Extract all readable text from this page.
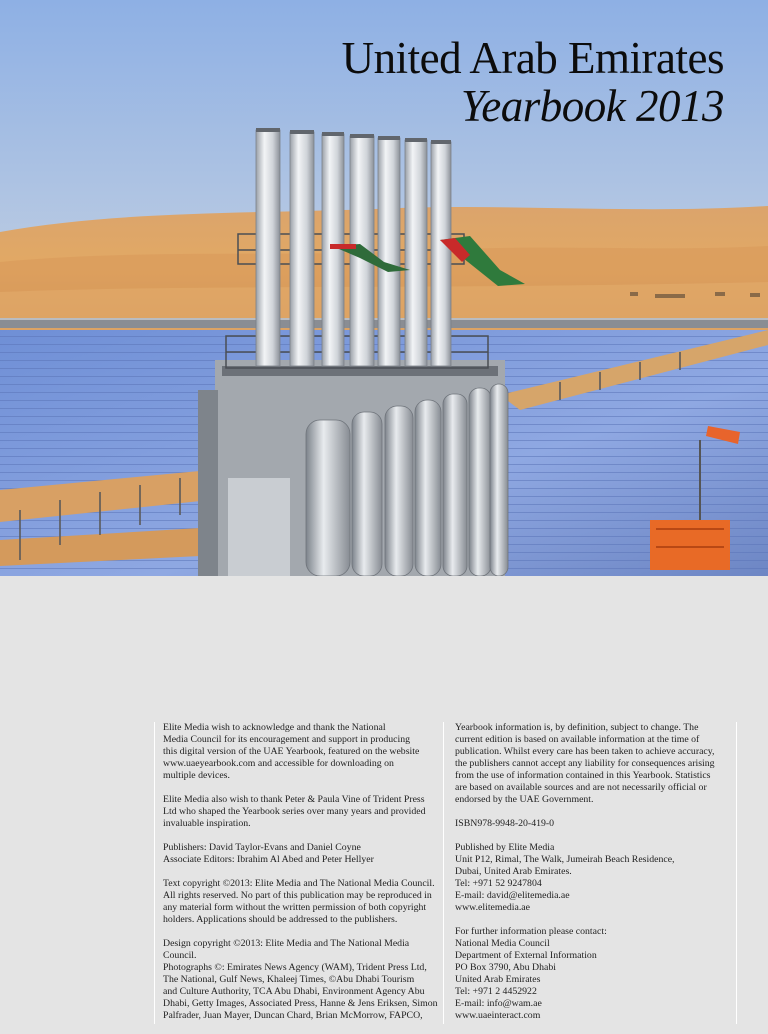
United Arab Emirates
Yearbook 2013

Elite Media wish to acknowledge and thank the National
Media Council for its encouragement and support in producing
this digital version of the UAE Yearbook, featured on the website
www.uaeyearbook.com and accessible for downloading on
multiple devices.

Elite Media also wish to thank Peter & Paula Vine of Trident Press
Ltd who shaped the Yearbook series over many years and provided
invaluable inspiration.

Publishers: David Taylor-Evans and Daniel Coyne
Associate Editors: Ibrahim Al Abed and Peter Hellyer

Text copyright ©2013: Elite Media and The National Media Council.
All rights reserved. No part of this publication may be reproduced in
any material form without the written permission of both copyright
holders. Applications should be addressed to the publishers.

Design copyright ©2013: Elite Media and The National Media
Council.
Photographs ©: Emirates News Agency (WAM), Trident Press Ltd,
The National, Gulf News, Khaleej Times, ©Abu Dhabi Tourism
and Culture Authority, TCA Abu Dhabi, Environment Agency Abu
Dhabi, Getty Images, Associated Press, Hanne & Jens Eriksen, Simon
Palfrader, Juan Mayer, Duncan Chard, Brian McMorrow, FAPCO,

Yearbook information is, by definition, subject to change. The
current edition is based on available information at the time of
publication. Whilst every care has been taken to achieve accuracy,
the publishers cannot accept any liability for consequences arising
from the use of information contained in this Yearbook. Statistics
are based on available sources and are not necessarily official or
endorsed by the UAE Government.

ISBN978-9948-20-419-0

Published by Elite Media
Unit P12, Rimal, The Walk, Jumeirah Beach Residence,
Dubai, United Arab Emirates.
Tel: +971 52 9247804
E-mail: david@elitemedia.ae
www.elitemedia.ae

For further information please contact:
National Media Council
Department of External Information
PO Box 3790, Abu Dhabi
United Arab Emirates
Tel: +971 2 4452922
E-mail: info@wam.ae
www.uaeinteract.com
